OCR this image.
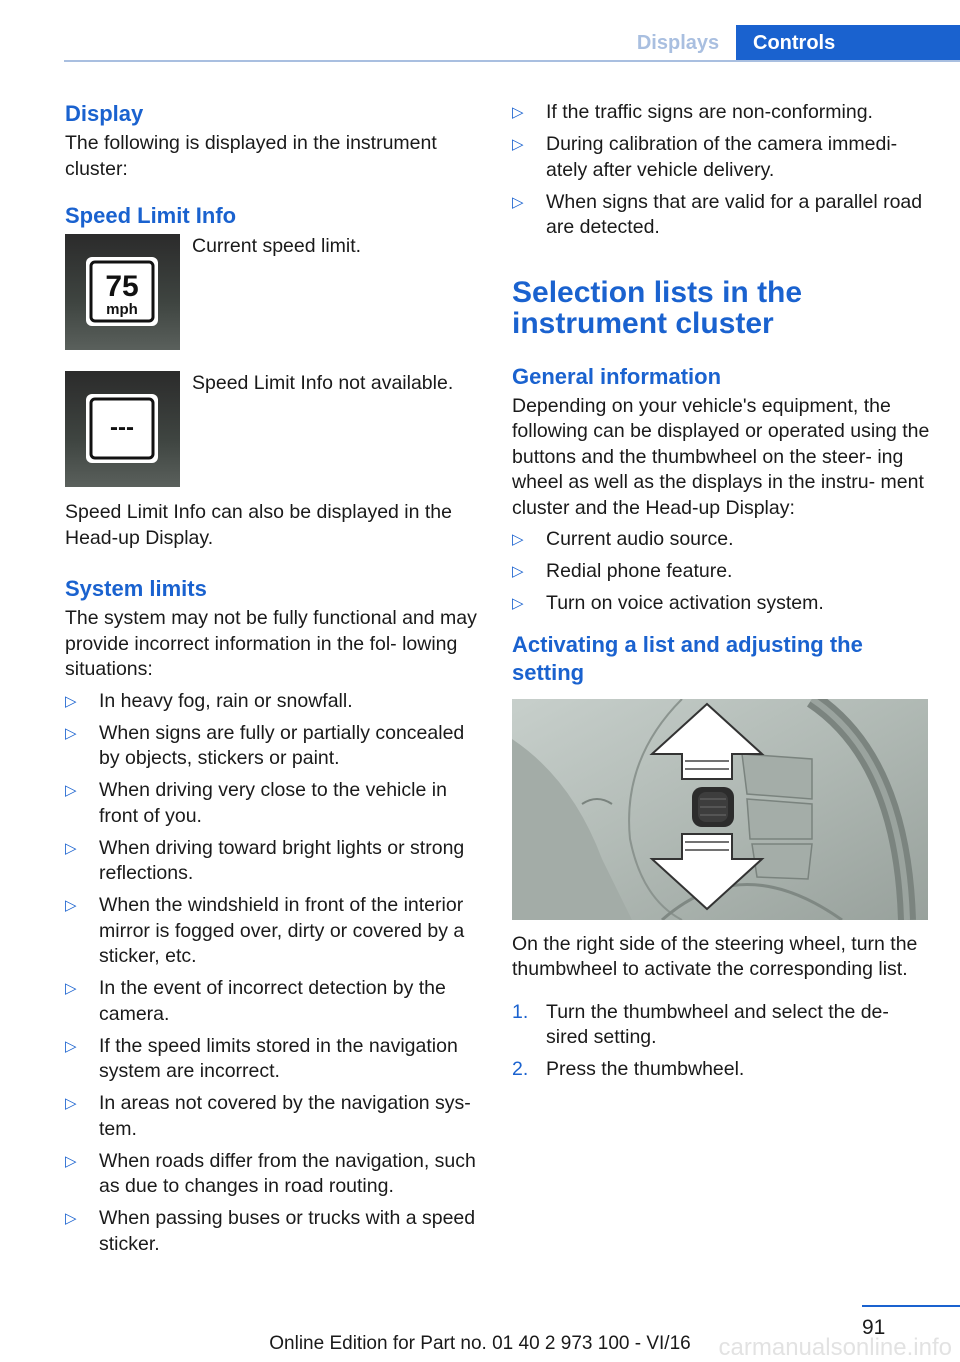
Displays	Controls
Display

The following is displayed in the instrument cluster:

Speed Limit Info
75
mph

Current speed limit.

---

Speed Limit Info not available.

Speed Limit Info can also be displayed in the Head-up Display.

System limits

The system may not be fully functional and may provide incorrect information in the fol‐ lowing situations:

▷ In heavy fog, rain or snowfall.
▷ When signs are fully or partially concealed by objects, stickers or paint.
▷ When driving very close to the vehicle in front of you.
▷ When driving toward bright lights or strong reflections.
▷ When the windshield in front of the interior mirror is fogged over, dirty or covered by a sticker, etc.
▷ In the event of incorrect detection by the camera.
▷ If the speed limits stored in the navigation system are incorrect.
▷ In areas not covered by the navigation sys‐ tem.
▷ When roads differ from the navigation, such as due to changes in road routing.
▷ When passing buses or trucks with a speed sticker.
▷ If the traffic signs are non-conforming.
▷ During calibration of the camera immedi‐ ately after vehicle delivery.
▷ When signs that are valid for a parallel road are detected.
Selection lists in the instrument cluster
General information

Depending on your vehicle's equipment, the following can be displayed or operated using the buttons and the thumbwheel on the steer‐ ing wheel as well as the displays in the instru‐ ment cluster and the Head-up Display:

▷ Current audio source.
▷ Redial phone feature.
▷ Turn on voice activation system.
Activating a list and adjusting the setting

On the right side of the steering wheel, turn the thumbwheel to activate the corresponding list.

1. Turn the thumbwheel and select the de‐ sired setting.
2. Press the thumbwheel.
91
Online Edition for Part no. 01 40 2 973 100 - VI/16	carmanualsonline.info
